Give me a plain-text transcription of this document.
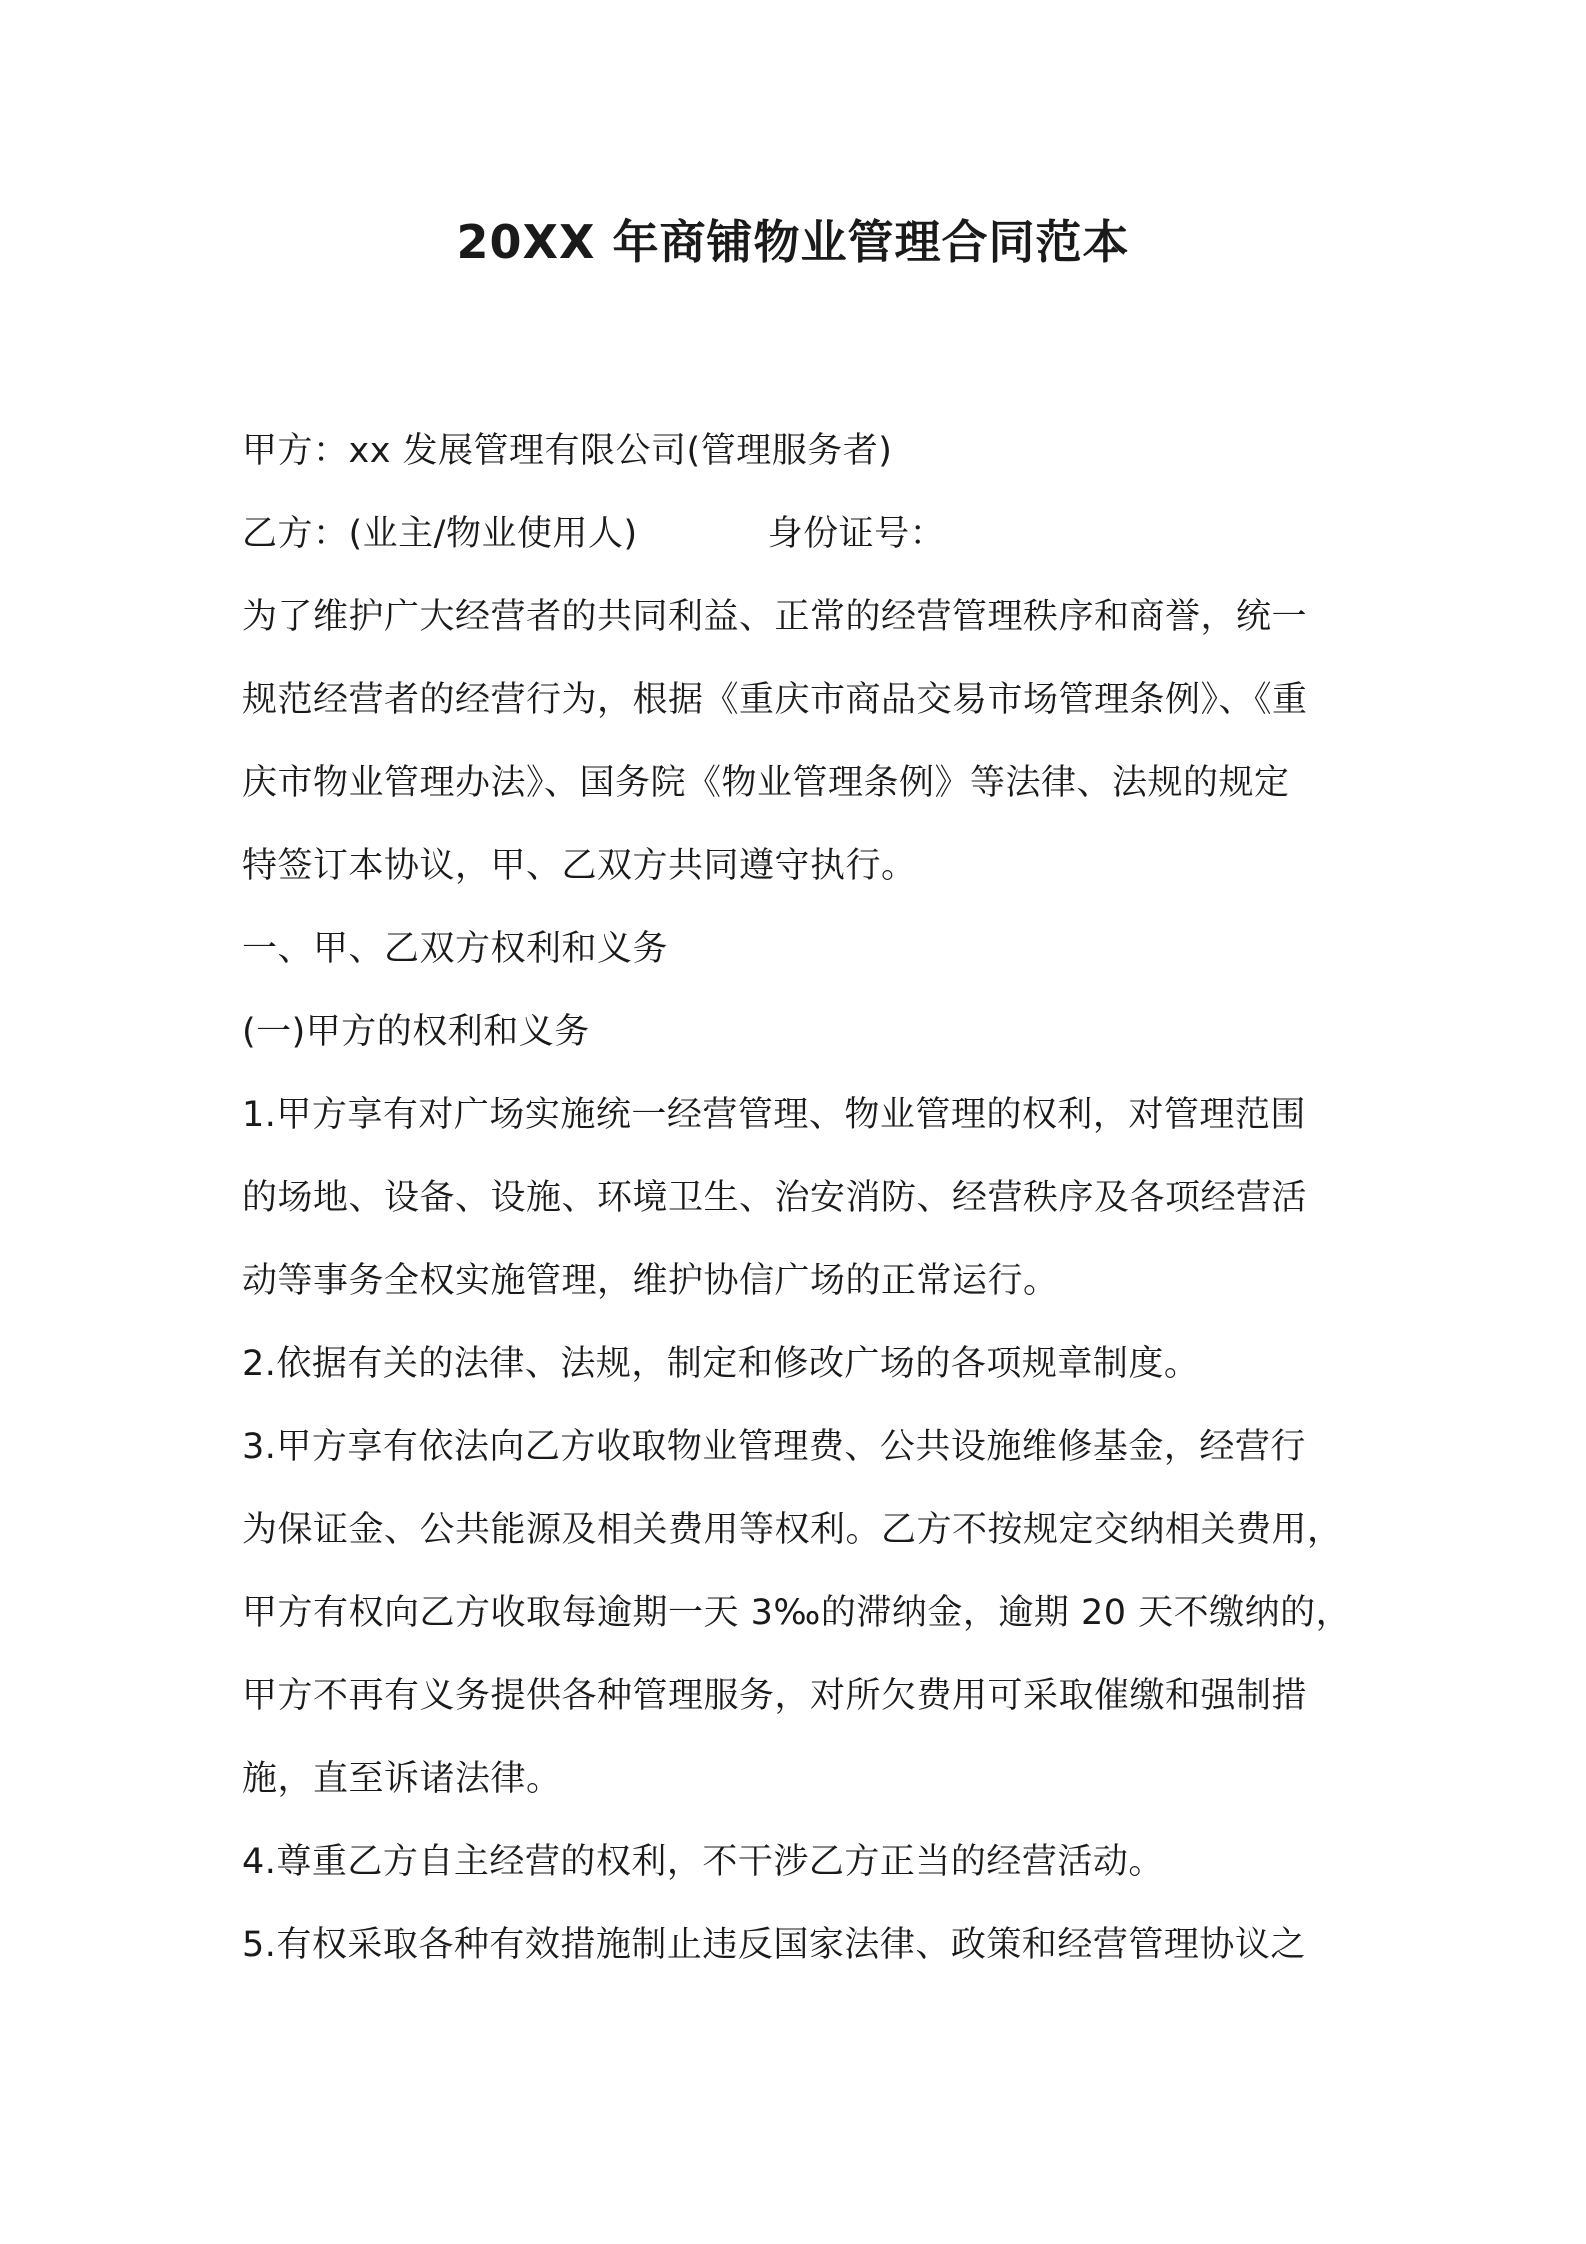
20XX 年商铺物业管理合同范本
甲方：xx 发展管理有限公司(管理服务者)
乙方：(业主/物业使用人)	身份证号：
为了维护广大经营者的共同利益、正常的经营管理秩序和商誉，统一
规范经营者的经营行为，根据《重庆市商品交易市场管理条例》、《重
庆市物业管理办法》、国务院《物业管理条例》等法律、法规的规定
特签订本协议，甲、乙双方共同遵守执行。
一、甲、乙双方权利和义务
(一)甲方的权利和义务
1.甲方享有对广场实施统一经营管理、物业管理的权利，对管理范围
的场地、设备、设施、环境卫生、治安消防、经营秩序及各项经营活
动等事务全权实施管理，维护协信广场的正常运行。
2.依据有关的法律、法规，制定和修改广场的各项规章制度。
3.甲方享有依法向乙方收取物业管理费、公共设施维修基金，经营行
为保证金、公共能源及相关费用等权利。乙方不按规定交纳相关费用，
甲方有权向乙方收取每逾期一天 3‰的滞纳金，逾期 20 天不缴纳的，
甲方不再有义务提供各种管理服务，对所欠费用可采取催缴和强制措
施，直至诉诸法律。
4.尊重乙方自主经营的权利，不干涉乙方正当的经营活动。
5.有权采取各种有效措施制止违反国家法律、政策和经营管理协议之
